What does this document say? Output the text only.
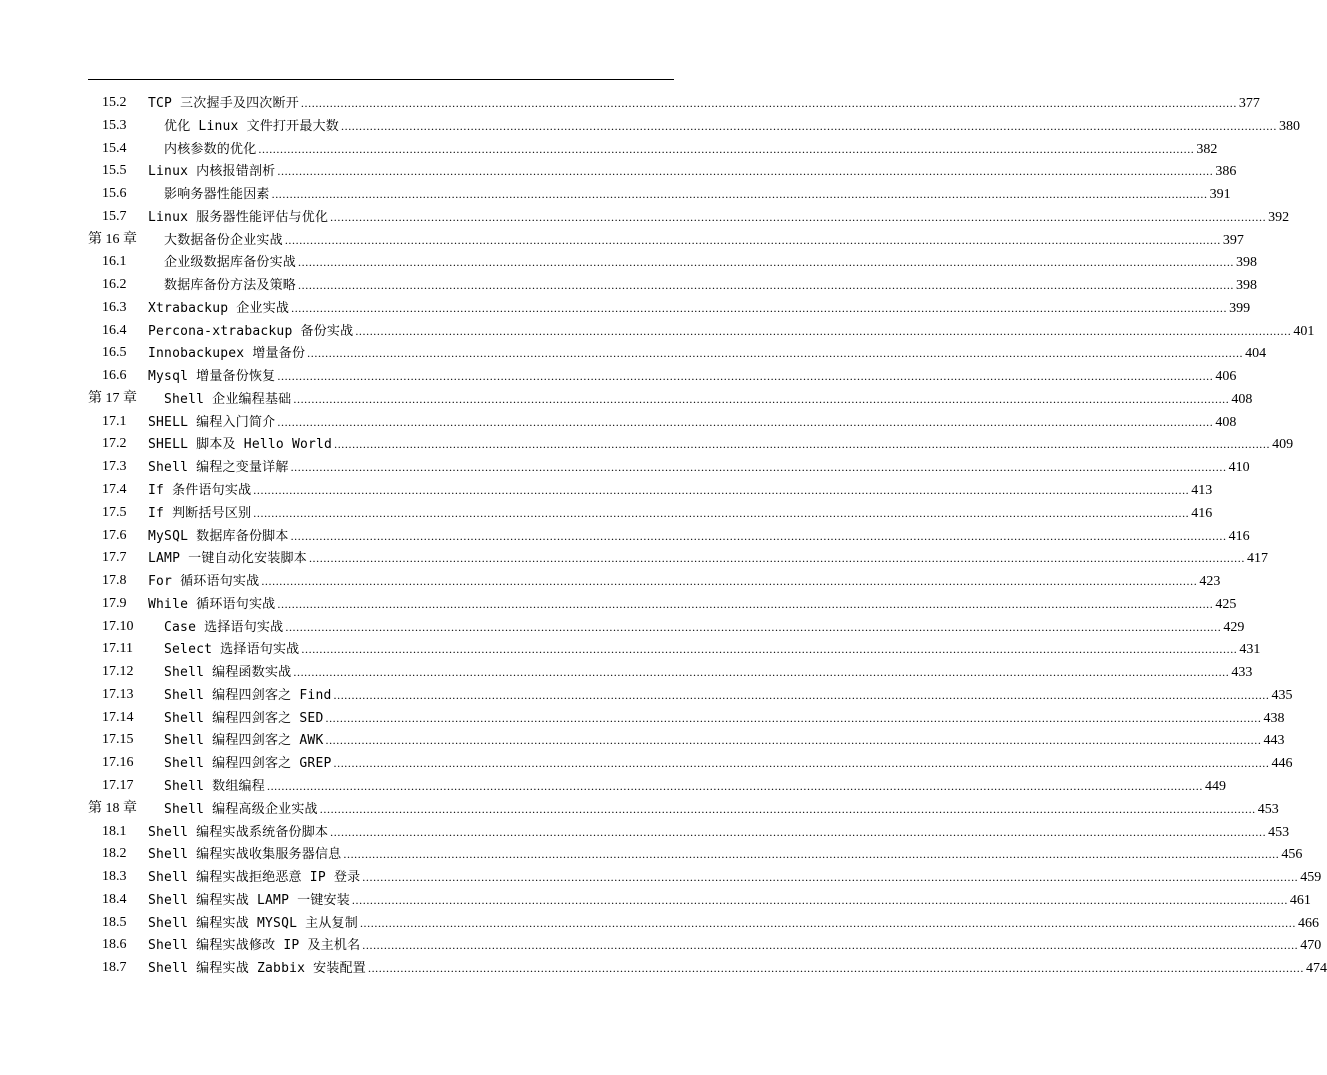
15.2 TCP 三次握手及四次断开 .................................................................................................................................................................................................................................................................... 377
15.3	优化 Linux 文件打开最大数 .................................................................................................................................................................................................................................................................... 380
15.4	内核参数的优化 .................................................................................................................................................................................................................................................................... 382
15.5 Linux 内核报错剖析 .................................................................................................................................................................................................................................................................... 386
15.6	影响务器性能因素 .................................................................................................................................................................................................................................................................... 391
15.7 Linux 服务器性能评估与优化 .................................................................................................................................................................................................................................................................... 392
第 16 章 大数据备份企业实战 .................................................................................................................................................................................................................................................................... 397
16.1	企业级数据库备份实战 .................................................................................................................................................................................................................................................................... 398
16.2	数据库备份方法及策略 .................................................................................................................................................................................................................................................................... 398
16.3 Xtrabackup 企业实战 .................................................................................................................................................................................................................................................................... 399
16.4 Percona-xtrabackup 备份实战 .................................................................................................................................................................................................................................................................... 401
16.5 Innobackupex 增量备份 .................................................................................................................................................................................................................................................................... 404
16.6 Mysql 增量备份恢复 .................................................................................................................................................................................................................................................................... 406
第 17 章 Shell 企业编程基础 .................................................................................................................................................................................................................................................................... 408
17.1 SHELL 编程入门简介 .................................................................................................................................................................................................................................................................... 408
17.2 SHELL 脚本及 Hello World .................................................................................................................................................................................................................................................................... 409
17.3 Shell 编程之变量详解 .................................................................................................................................................................................................................................................................... 410
17.4 If 条件语句实战 .................................................................................................................................................................................................................................................................... 413
17.5 If 判断括号区别 .................................................................................................................................................................................................................................................................... 416
17.6 MySQL 数据库备份脚本 .................................................................................................................................................................................................................................................................... 416
17.7 LAMP 一键自动化安装脚本 .................................................................................................................................................................................................................................................................... 417
17.8 For 循环语句实战 .................................................................................................................................................................................................................................................................... 423
17.9 While 循环语句实战 .................................................................................................................................................................................................................................................................... 425
17.10 Case 选择语句实战 .................................................................................................................................................................................................................................................................... 429
17.11 Select 选择语句实战 .................................................................................................................................................................................................................................................................... 431
17.12 Shell 编程函数实战 .................................................................................................................................................................................................................................................................... 433
17.13 Shell 编程四剑客之 Find .................................................................................................................................................................................................................................................................... 435
17.14 Shell 编程四剑客之 SED .................................................................................................................................................................................................................................................................... 438
17.15 Shell 编程四剑客之 AWK .................................................................................................................................................................................................................................................................... 443
17.16 Shell 编程四剑客之 GREP .................................................................................................................................................................................................................................................................... 446
17.17 Shell 数组编程 .................................................................................................................................................................................................................................................................... 449
第 18 章 Shell 编程高级企业实战 .................................................................................................................................................................................................................................................................... 453
18.1 Shell 编程实战系统备份脚本 .................................................................................................................................................................................................................................................................... 453
18.2 Shell 编程实战收集服务器信息 .................................................................................................................................................................................................................................................................... 456
18.3 Shell 编程实战拒绝恶意 IP 登录 .................................................................................................................................................................................................................................................................... 459
18.4 Shell 编程实战 LAMP 一键安装 .................................................................................................................................................................................................................................................................... 461
18.5 Shell 编程实战 MYSQL 主从复制 .................................................................................................................................................................................................................................................................... 466
18.6 Shell 编程实战修改 IP 及主机名 .................................................................................................................................................................................................................................................................... 470
18.7 Shell 编程实战 Zabbix 安装配置 .................................................................................................................................................................................................................................................................... 474
